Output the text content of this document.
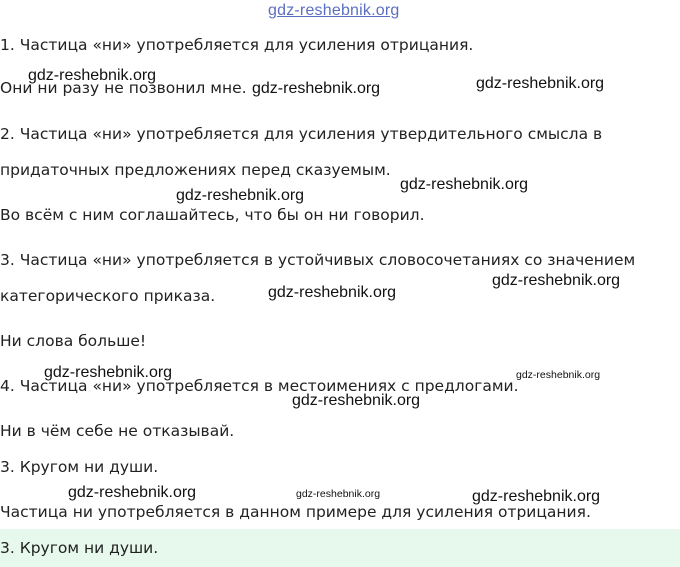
gdz-reshebnik.org
1. Частица «ни» употребляется для усиления отрицания.
Они ни разу не позвонил мне.
2. Частица «ни» употребляется для усиления утвердительного смысла в
придаточных предложениях перед сказуемым.
Во всём с ним соглашайтесь, что бы он ни говорил.
3. Частица «ни» употребляется в устойчивых словосочетаниях со значением
категорического приказа.
Ни слова больше!
4. Частица «ни» употребляется в местоимениях с предлогами.
Ни в чём себе не отказывай.
3. Кругом ни души.
Частица ни употребляется в данном примере для усиления отрицания.
3. Кругом ни души.
gdz-reshebnik.org
gdz-reshebnik.org	gdz-reshebnik.org
gdz-reshebnik.org
gdz-reshebnik.org
gdz-reshebnik.org
gdz-reshebnik.org
gdz-reshebnik.org	gdz-reshebnik.org
gdz-reshebnik.org
gdz-reshebnik.org	gdz-reshebnik.org	gdz-reshebnik.org
